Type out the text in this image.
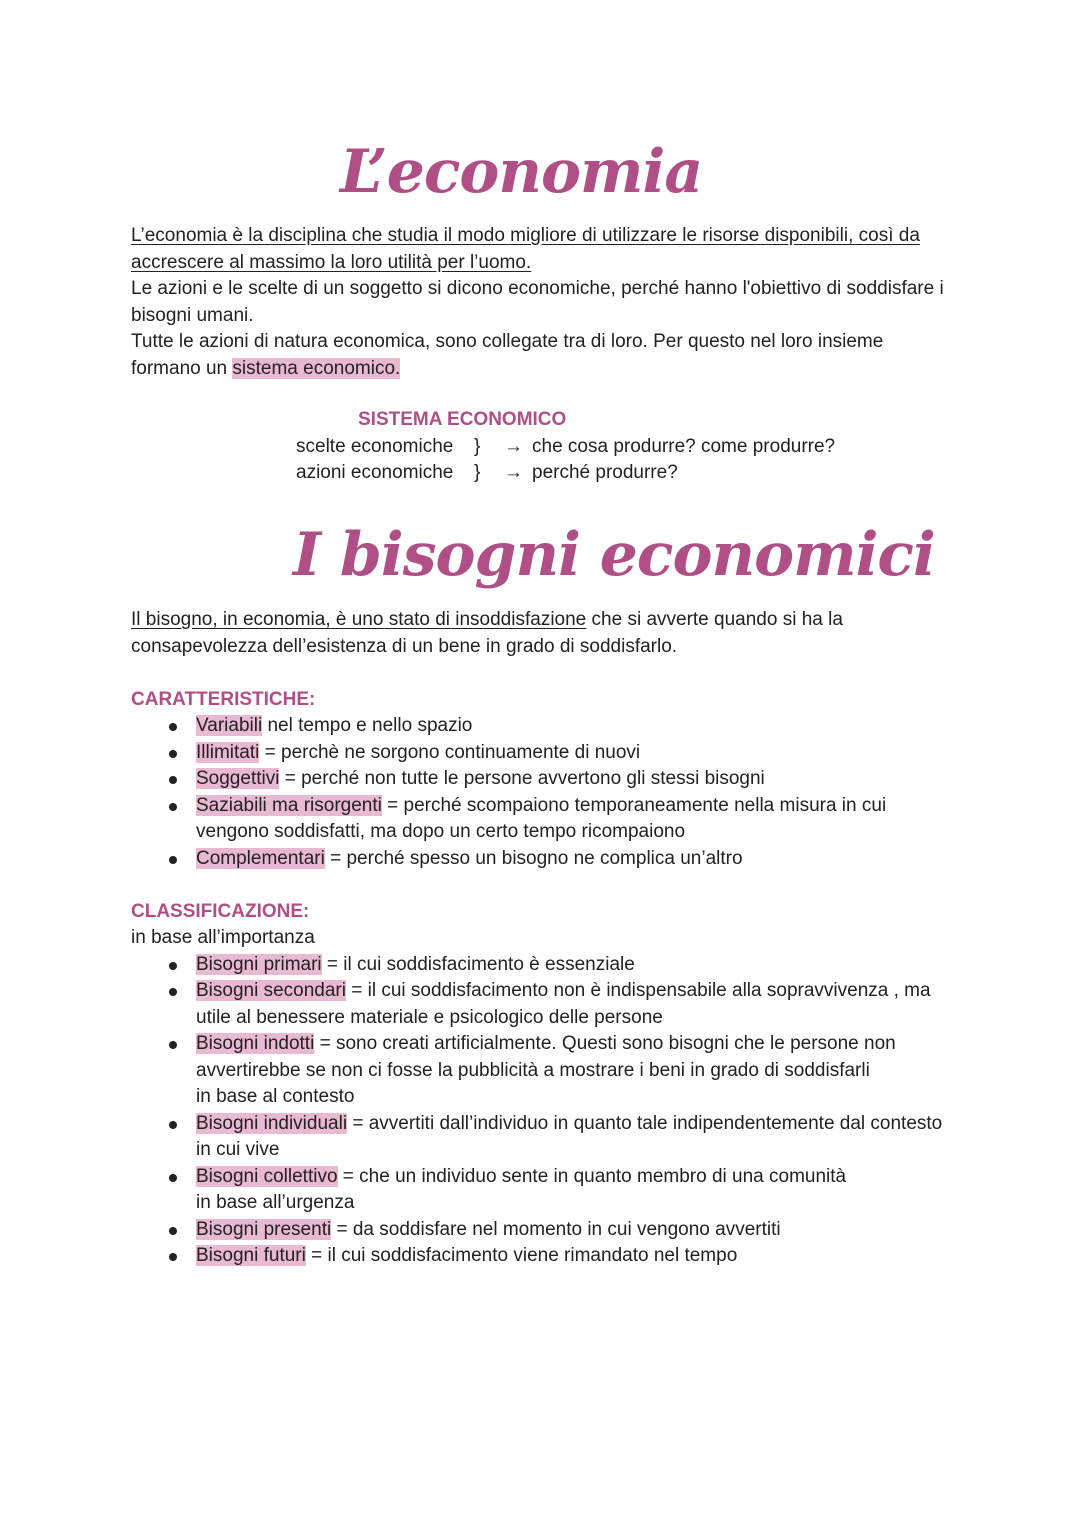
L’economia

L’economia è la disciplina che studia il modo migliore di utilizzare le risorse disponibili, così da accrescere al massimo la loro utilità per l’uomo.

Le azioni e le scelte di un soggetto si dicono economiche, perché hanno l'obiettivo di soddisfare i bisogni umani.

Tutte le azioni di natura economica, sono collegate tra di loro. Per questo nel loro insieme formano un sistema economico.

SISTEMA ECONOMICO
scelte economiche } → che cosa produrre? come produrre?
azioni economiche } → perché produrre?
I bisogni economici

Il bisogno, in economia, è uno stato di insoddisfazione che si avverte quando si ha la consapevolezza dell’esistenza di un bene in grado di soddisfarlo.

CARATTERISTICHE:

Variabili nel tempo e nello spazio
Illimitati = perchè ne sorgono continuamente di nuovi
Soggettivi = perché non tutte le persone avvertono gli stessi bisogni
Saziabili ma risorgenti = perché scompaiono temporaneamente nella misura in cui vengono soddisfatti, ma dopo un certo tempo ricompaiono
Complementari = perché spesso un bisogno ne complica un’altro

CLASSIFICAZIONE:

in base all’importanza

Bisogni primari = il cui soddisfacimento è essenziale
Bisogni secondari = il cui soddisfacimento non è indispensabile alla sopravvivenza , ma utile al benessere materiale e psicologico delle persone
Bisogni indotti = sono creati artificialmente. Questi sono bisogni che le persone non avvertirebbe se non ci fosse la pubblicità a mostrare i beni in grado di soddisfarli

in base al contesto

Bisogni individuali = avvertiti dall’individuo in quanto tale indipendentemente dal contesto in cui vive
Bisogni collettivo = che un individuo sente in quanto membro di una comunità

in base all’urgenza

Bisogni presenti = da soddisfare nel momento in cui vengono avvertiti
Bisogni futuri = il cui soddisfacimento viene rimandato nel tempo
